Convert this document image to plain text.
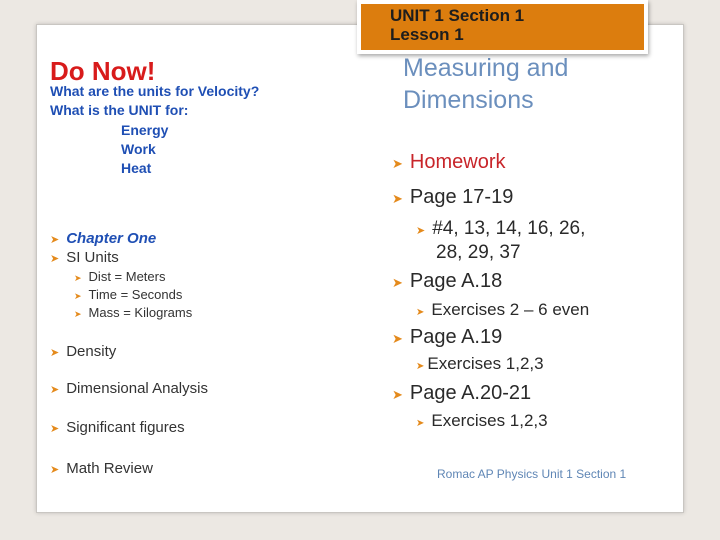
UNIT 1 Section 1
Lesson 1
Measuring and Dimensions
Do Now!
What are the units for Velocity?
What is the UNIT for:
Energy
Work
Heat
➤ Chapter One
➤ SI Units
➤ Dist = Meters
➤ Time = Seconds
➤ Mass = Kilograms
➤ Density
➤ Dimensional Analysis
➤ Significant figures
➤ Math Review
➤ Homework
➤ Page 17-19
➤ #4, 13, 14, 16, 26,
28, 29, 37
➤ Page A.18
➤ Exercises 2 – 6 even
➤ Page A.19
➤ Exercises 1,2,3
➤ Page A.20-21
➤ Exercises 1,2,3
Romac AP Physics Unit 1 Section 1
